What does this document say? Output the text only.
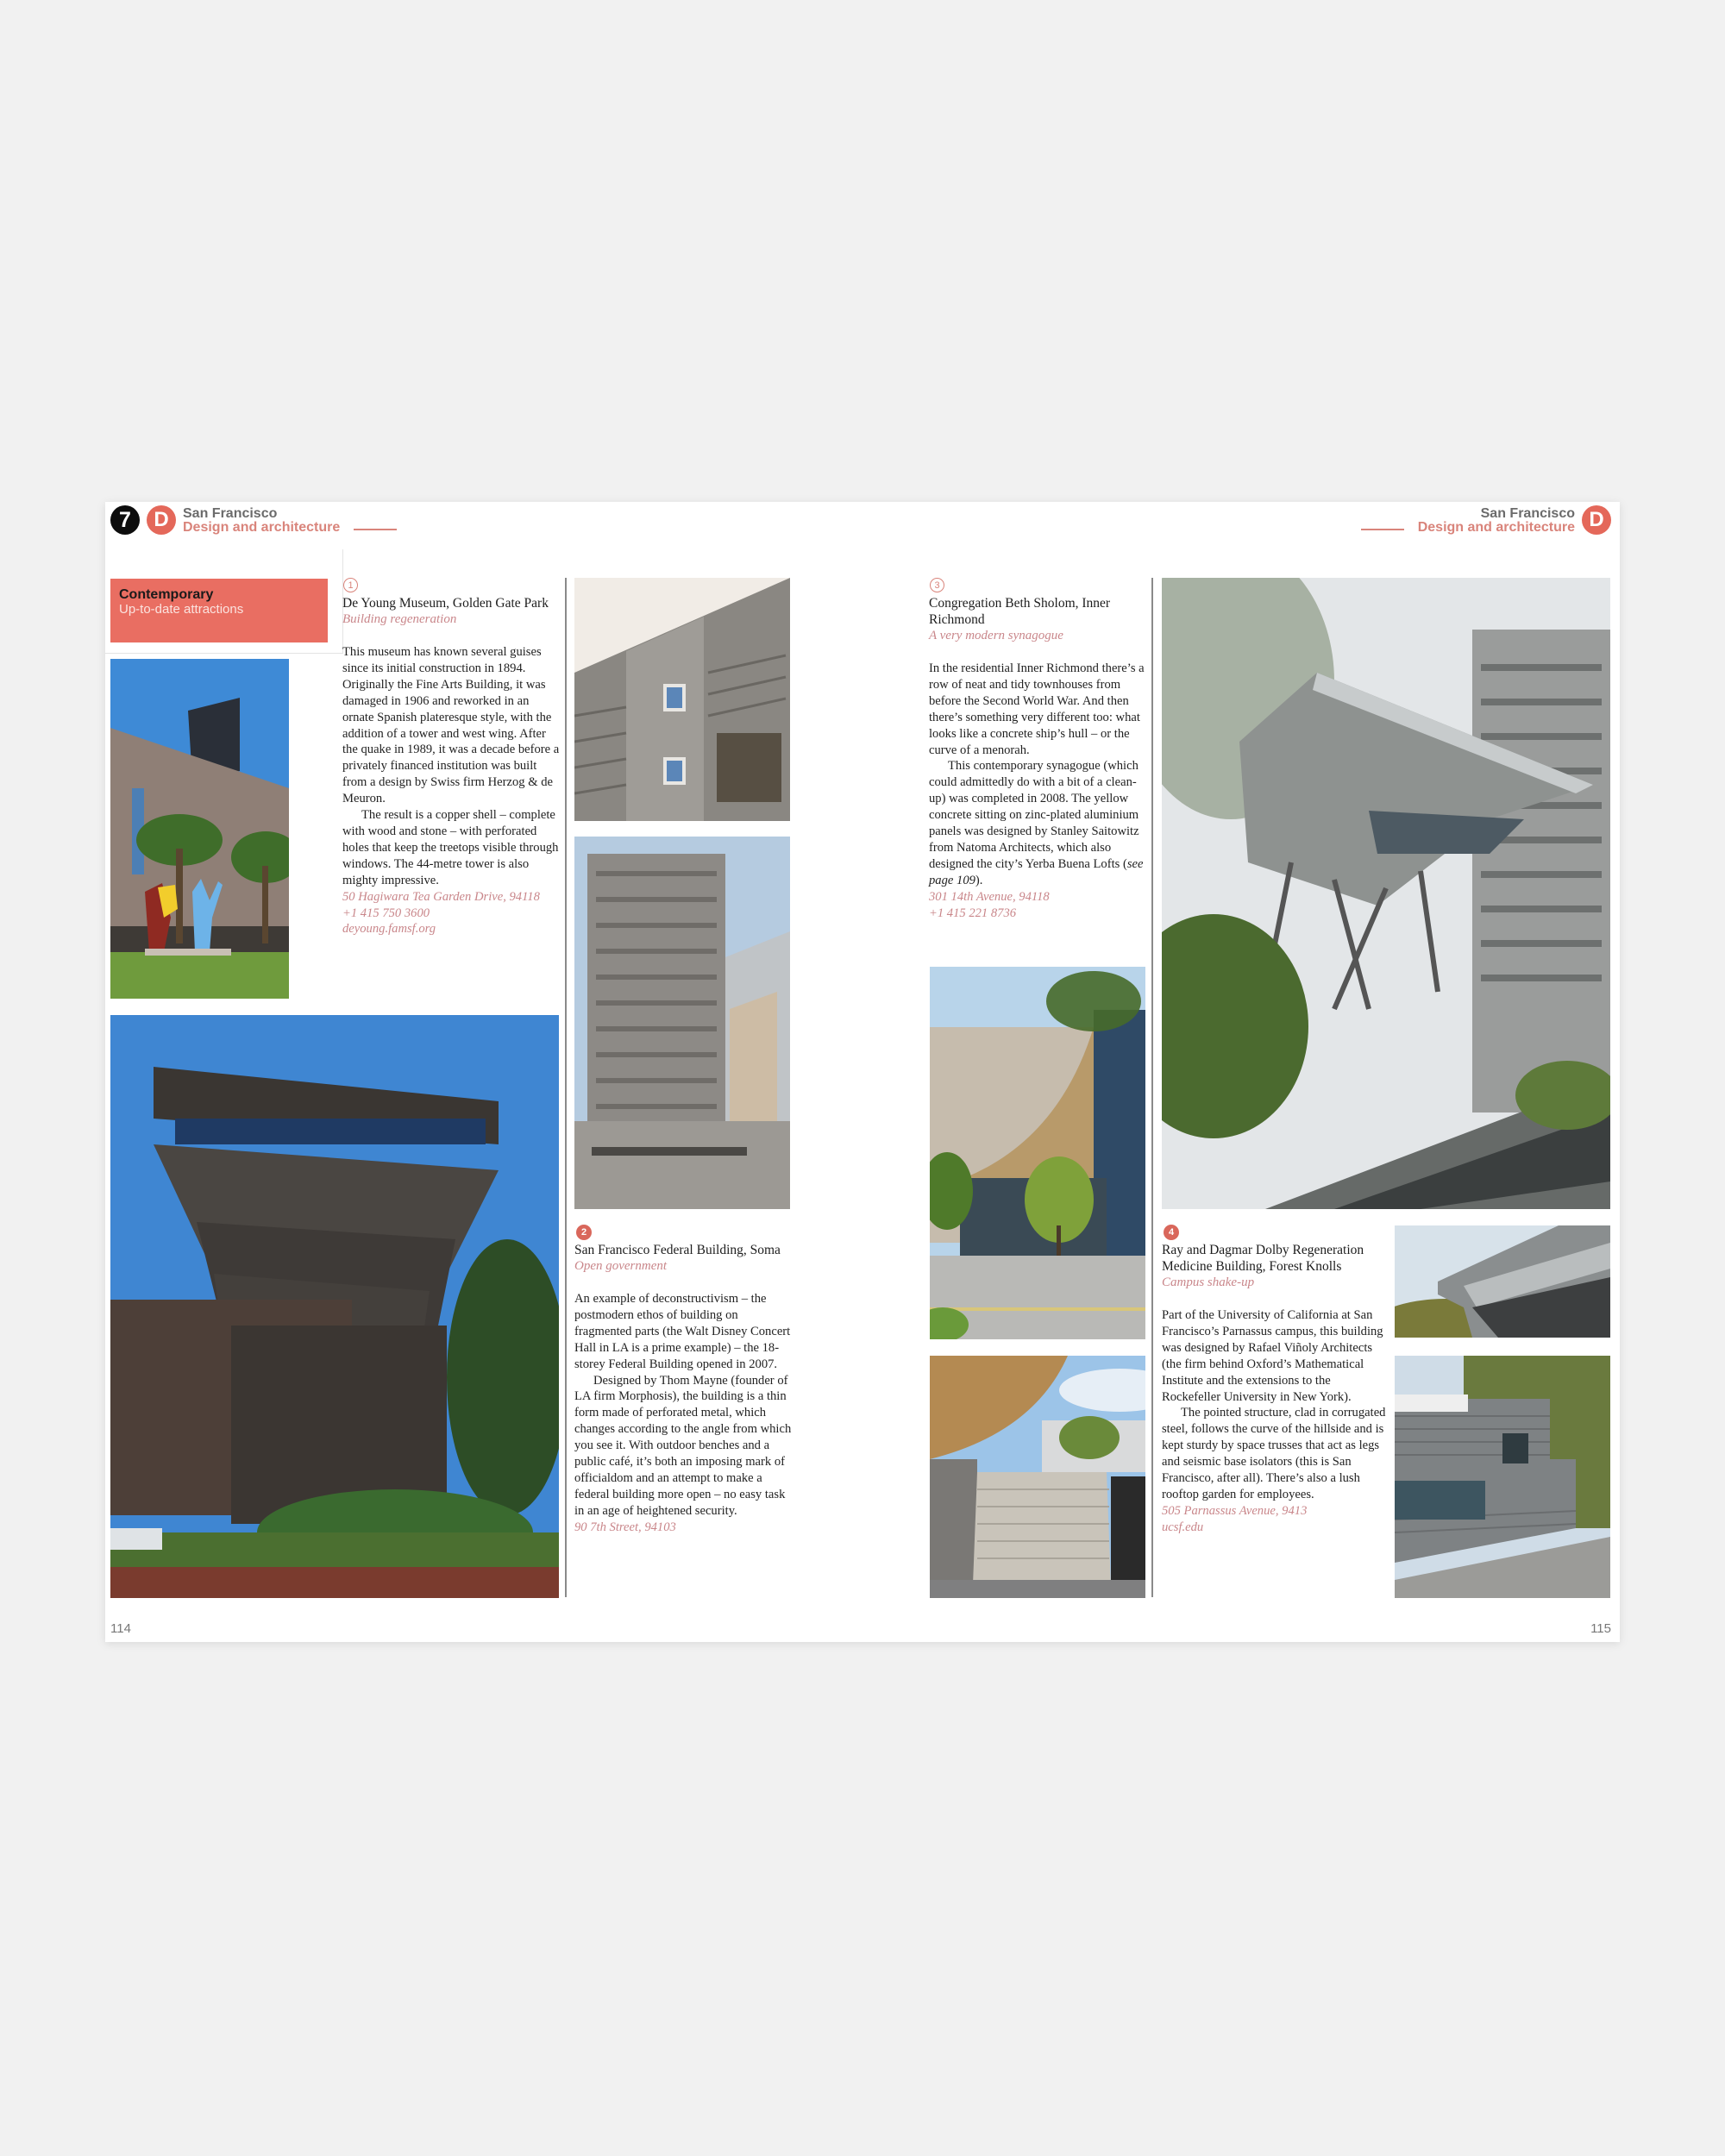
7	D	San Francisco
Design and architecture
Contemporary
Up-to-date attractions
1
De Young Museum, Golden Gate Park
Building regeneration

This museum has known several guises since its initial construction in 1894. Originally the Fine Arts Building, it was damaged in 1906 and reworked in an ornate Spanish plateresque style, with the addition of a tower and west wing. After the quake in 1989, it was a decade before a privately financed institution was built from a design by Swiss firm Herzog & de Meuron.
The result is a copper shell – complete with wood and stone – with perforated holes that keep the treetops visible through windows. The 44-metre tower is also mighty impressive.

50 Hagiwara Tea Garden Drive, 94118
+1 415 750 3600
deyoung.famsf.org
2
San Francisco Federal Building, Soma
Open government

An example of deconstructivism – the postmodern ethos of building on fragmented parts (the Walt Disney Concert Hall in LA is a prime example) – the 18-storey Federal Building opened in 2007.
Designed by Thom Mayne (founder of LA firm Morphosis), the building is a thin form made of perforated metal, which changes according to the angle from which you see it. With outdoor benches and a public café, it’s both an imposing mark of officialdom and an attempt to make a federal building more open – no easy task in an age of heightened security.

90 7th Street, 94103
114
San Francisco
Design and architecture D
3
Congregation Beth Sholom, Inner Richmond
A very modern synagogue

In the residential Inner Richmond there’s a row of neat and tidy townhouses from before the Second World War. And then there’s something very different too: what looks like a concrete ship’s hull – or the curve of a menorah.
This contemporary synagogue (which could admittedly do with a bit of a clean-up) was completed in 2008. The yellow concrete sitting on zinc-plated aluminium panels was designed by Stanley Saitowitz from Natoma Architects, which also designed the city’s Yerba Buena Lofts (see page 109).

301 14th Avenue, 94118
+1 415 221 8736
4
Ray and Dagmar Dolby Regeneration Medicine Building, Forest Knolls
Campus shake-up

Part of the University of California at San Francisco’s Parnassus campus, this building was designed by Rafael Viñoly Architects (the firm behind Oxford’s Mathematical Institute and the extensions to the Rockefeller University in New York).
The pointed structure, clad in corrugated steel, follows the curve of the hillside and is kept sturdy by space trusses that act as legs and seismic base isolators (this is San Francisco, after all). There’s also a lush rooftop garden for employees.

505 Parnassus Avenue, 9413
ucsf.edu
115
